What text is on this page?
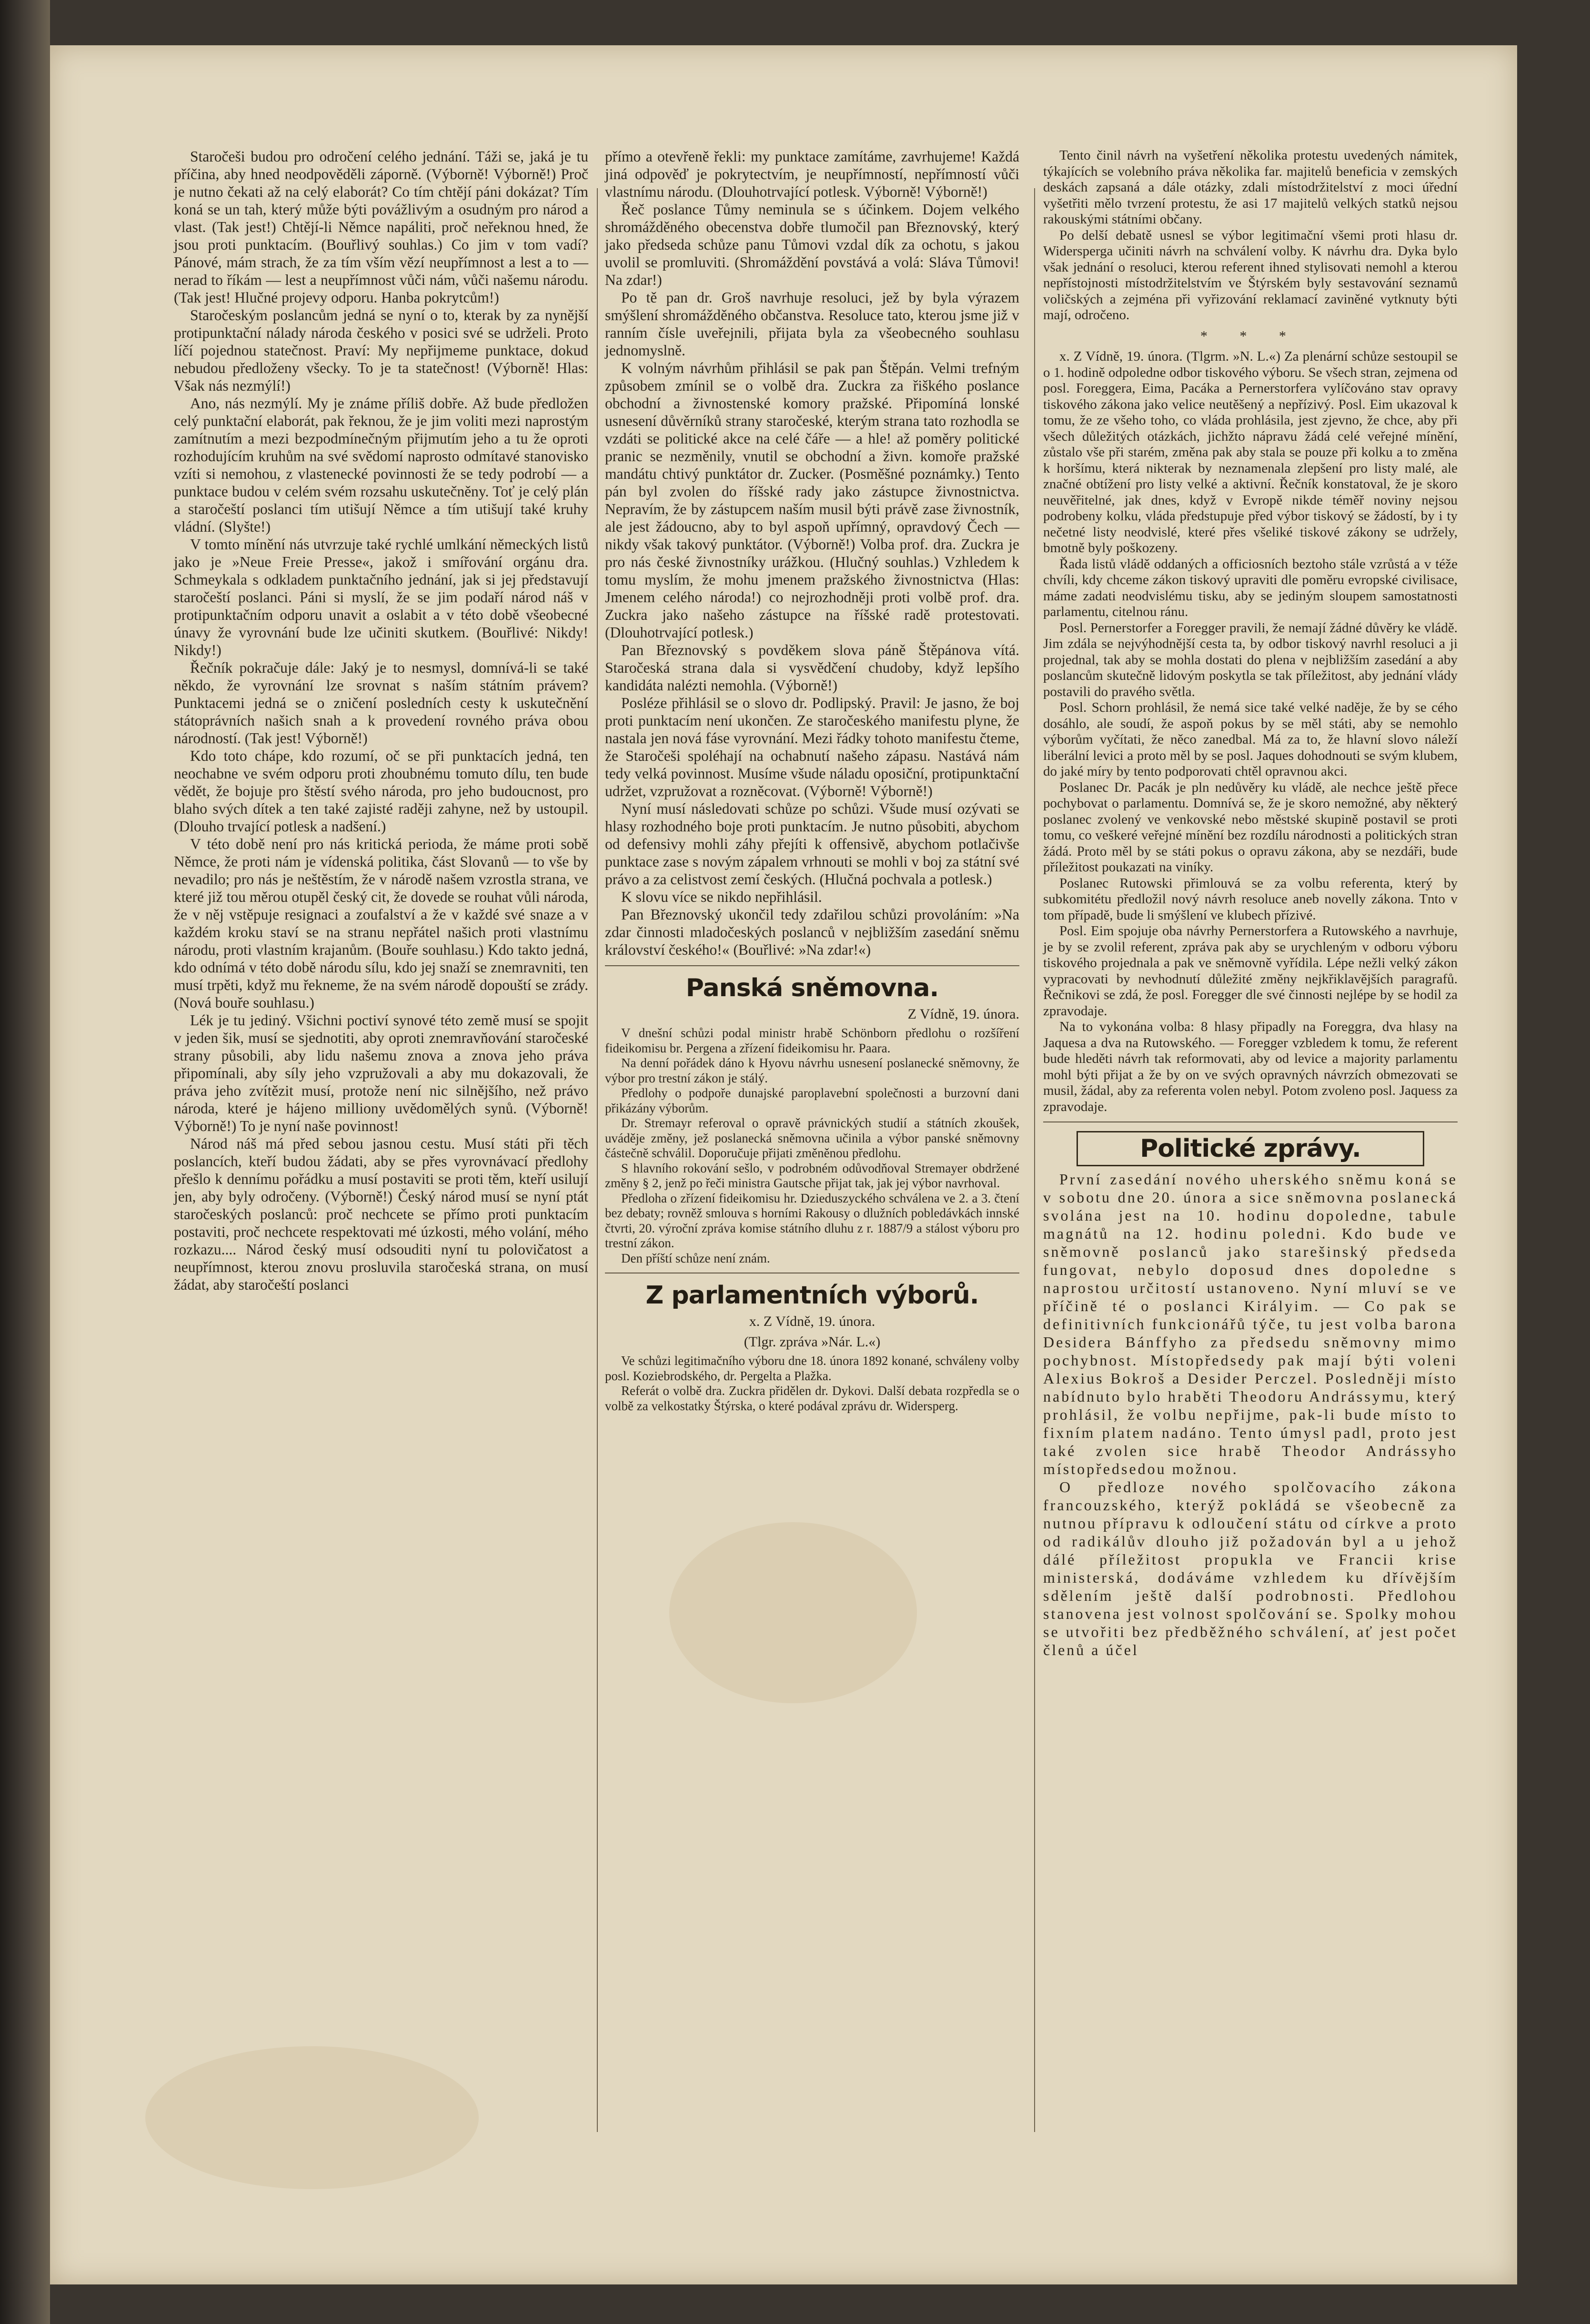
Staročeši budou pro odročení celého jednání. Táži se, jaká je tu příčina, aby hned neodpověděli záporně. (Výborně! Výborně!) Proč je nutno čekati až na celý elaborát? Co tím chtějí páni dokázat? Tím koná se un tah, který může býti povážlivým a osudným pro národ a vlast. (Tak jest!) Chtějí-li Němce napáliti, proč neřeknou hned, že jsou proti punktacím. (Bouřlivý souhlas.) Co jim v tom vadí? Pánové, mám strach, že za tím vším vězí neupřímnost a lest a to — nerad to říkám — lest a neupřímnost vůči nám, vůči našemu národu. (Tak jest! Hlučné projevy odporu. Hanba pokrytcům!)

Staročeským poslancům jedná se nyní o to, kterak by za nynější protipunktační nálady národa českého v posici své se udrželi. Proto líčí pojednou statečnost. Praví: My nepřijmeme punktace, dokud nebudou předloženy všecky. To je ta statečnost! (Výborně! Hlas: Však nás nezmýlí!)

Ano, nás nezmýlí. My je známe příliš dobře. Až bude předložen celý punktační elaborát, pak řeknou, že je jim voliti mezi naprostým zamítnutím a mezi bezpodmínečným přijmutím jeho a tu že oproti rozhodujícím kruhům na své svědomí naprosto odmítavé stanovisko vzíti si nemohou, z vlastenecké povinnosti že se tedy podrobí — a punktace budou v celém svém rozsahu uskutečněny. Toť je celý plán a staročeští poslanci tím utišují Němce a tím utišují také kruhy vládní. (Slyšte!)

V tomto mínění nás utvrzuje také rychlé umlkání německých listů jako je »Neue Freie Presse«, jakož i smířování orgánu dra. Schmeykala s odkladem punktačního jednání, jak si jej představují staročeští poslanci. Páni si myslí, že se jim podaří národ náš v protipunktačním odporu unavit a oslabit a v této době všeobecné únavy že vyrovnání bude lze učiniti skutkem. (Bouřlivé: Nikdy! Nikdy!)

Řečník pokračuje dále: Jaký je to nesmysl, domnívá-li se také někdo, že vyrovnání lze srovnat s naším státním právem? Punktacemi jedná se o zničení posledních cesty k uskutečnění státoprávních našich snah a k provedení rovného práva obou národností. (Tak jest! Výborně!)

Kdo toto chápe, kdo rozumí, oč se při punktacích jedná, ten neochabne ve svém odporu proti zhoubnému tomuto dílu, ten bude vědět, že bojuje pro štěstí svého národa, pro jeho budoucnost, pro blaho svých dítek a ten také zajisté raději zahyne, než by ustoupil. (Dlouho trvající potlesk a nadšení.)

V této době není pro nás kritická perioda, že máme proti sobě Němce, že proti nám je vídenská politika, část Slovanů — to vše by nevadilo; pro nás je neštěstím, že v národě našem vzrostla strana, ve které již tou měrou otupěl český cit, že dovede se rouhat vůli národa, že v něj vstěpuje resignaci a zoufalství a že v každé své snaze a v každém kroku staví se na stranu nepřátel našich proti vlastnímu národu, proti vlastním krajanům. (Bouře souhlasu.) Kdo takto jedná, kdo odnímá v této době národu sílu, kdo jej snaží se znemravniti, ten musí trpěti, když mu řekneme, že na svém národě dopouští se zrády. (Nová bouře souhlasu.)

Lék je tu jediný. Všichni poctiví synové této země musí se spojit v jeden šik, musí se sjednotiti, aby oproti znemravňování staročeské strany působili, aby lidu našemu znova a znova jeho práva připomínali, aby síly jeho vzpružovali a aby mu dokazovali, že práva jeho zvítězit musí, protože není nic silnějšího, než právo národa, které je hájeno milliony uvědomělých synů. (Výborně! Výborně!) To je nyní naše povinnost!

Národ náš má před sebou jasnou cestu. Musí státi při těch poslancích, kteří budou žádati, aby se přes vyrovnávací předlohy přešlo k dennímu pořádku a musí postaviti se proti těm, kteří usilují jen, aby byly odročeny. (Výborně!) Český národ musí se nyní ptát staročeských poslanců: proč nechcete se přímo proti punktacím postaviti, proč nechcete respektovati mé úzkosti, mého volání, mého rozkazu.... Národ český musí odsouditi nyní tu polovičatost a neupřímnost, kterou znovu prosluvila staročeská strana, on musí žádat, aby staročeští poslanci

přímo a otevřeně řekli: my punktace zamítáme, zavrhujeme! Každá jiná odpověď je pokrytectvím, je neupřímností, nepřímností vůči vlastnímu národu. (Dlouhotrvající potlesk. Výborně! Výborně!)

Řeč poslance Tůmy neminula se s účinkem. Dojem velkého shromážděného obecenstva dobře tlumočil pan Březnovský, který jako předseda schůze panu Tůmovi vzdal dík za ochotu, s jakou uvolil se promluviti. (Shromáždění povstává a volá: Sláva Tůmovi! Na zdar!)

Po tě pan dr. Groš navrhuje resoluci, jež by byla výrazem smýšlení shromážděného občanstva. Resoluce tato, kterou jsme již v ranním čísle uveřejnili, přijata byla za všeobecného souhlasu jednomyslně.

K volným návrhům přihlásil se pak pan Štěpán. Velmi trefným způsobem zmínil se o volbě dra. Zuckra za řiškého poslance obchodní a živnostenské komory pražské. Připomíná lonské usnesení důvěrníků strany staročeské, kterým strana tato rozhodla se vzdáti se politické akce na celé čáře — a hle! až poměry politické pranic se nezměnily, vnutil se obchodní a živn. komoře pražské mandátu chtivý punktátor dr. Zucker. (Posměšné poznámky.) Tento pán byl zvolen do říšské rady jako zástupce živnostnictva. Nepravím, že by zástupcem naším musil býti právě zase živnostník, ale jest žádoucno, aby to byl aspoň upřímný, opravdový Čech — nikdy však takový punktátor. (Výborně!) Volba prof. dra. Zuckra je pro nás české živnostníky urážkou. (Hlučný souhlas.) Vzhledem k tomu myslím, že mohu jmenem pražského živnostnictva (Hlas: Jmenem celého národa!) co nejrozhodněji proti volbě prof. dra. Zuckra jako našeho zástupce na říšské radě protestovati. (Dlouhotrvající potlesk.)

Pan Březnovský s povděkem slova páně Štěpánova vítá. Staročeská strana dala si vysvědčení chudoby, když lepšího kandidáta nalézti nemohla. (Výborně!)

Posléze přihlásil se o slovo dr. Podlipský. Pravil: Je jasno, že boj proti punktacím není ukončen. Ze staročeského manifestu plyne, že nastala jen nová fáse vyrovnání. Mezi řádky tohoto manifestu čteme, že Staročeši spoléhají na ochabnutí našeho zápasu. Nastává nám tedy velká povinnost. Musíme všude náladu oposiční, protipunktační udržet, vzpružovat a rozněcovat. (Výborně! Výborně!)

Nyní musí následovati schůze po schůzi. Všude musí ozývati se hlasy rozhodného boje proti punktacím. Je nutno působiti, abychom od defensivy mohli záhy přejíti k offensivě, abychom potlačivše punktace zase s novým zápalem vrhnouti se mohli v boj za státní své právo a za celistvost zemí českých. (Hlučná pochvala a potlesk.)

K slovu více se nikdo nepřihlásil.

Pan Březnovský ukončil tedy zdařilou schůzi provoláním: »Na zdar činnosti mladočeských poslanců v nejbližším zasedání sněmu království českého!« (Bouřlivé: »Na zdar!«)

Panská sněmovna.
Z Vídně, 19. února.

V dnešní schůzi podal ministr hrabě Schönborn předlohu o rozšíření fideikomisu br. Pergena a zřízení fideikomisu hr. Paara.

Na denní pořádek dáno k Hyovu návrhu usnesení poslanecké sněmovny, že výbor pro trestní zákon je stálý.

Předlohy o podpoře dunajské paroplavební společnosti a burzovní dani přikázány výborům.

Dr. Stremayr referoval o opravě právnických studií a státních zkoušek, uváděje změny, jež poslanecká sněmovna učinila a výbor panské sněmovny částečně schválil. Doporučuje přijati změněnou předlohu.

S hlavního rokování sešlo, v podrobném odůvodňoval Stremayer obdržené změny § 2, jenž po řeči ministra Gautsche přijat tak, jak jej výbor navrhoval.

Předloha o zřízení fideikomisu hr. Dzieduszyckého schválena ve 2. a 3. čtení bez debaty; rovněž smlouva s horními Rakousy o dlužních pobledávkách innské čtvrti, 20. výroční zpráva komise státního dluhu z r. 1887/9 a stálost výboru pro trestní zákon.

Den příští schůze není znám.

Z parlamentních výborů.
x. Z Vídně, 19. února.
(Tlgr. zpráva »Nár. L.«)

Ve schůzi legitimačního výboru dne 18. února 1892 konané, schváleny volby posl. Koziebrodského, dr. Pergelta a Plažka.

Referát o volbě dra. Zuckra přidělen dr. Dykovi. Další debata rozpředla se o volbě za velkostatky Štýrska, o které podával zprávu dr. Widersperg.

Tento činil návrh na vyšetření několika protestu uvedených námitek, týkajících se volebního práva několika far. majitelů beneficia v zemských deskách zapsaná a dále otázky, zdali místodržitelství z moci úřední vyšetřiti mělo tvrzení protestu, že asi 17 majitelů velkých statků nejsou rakouskými státními občany.

Po delší debatě usnesl se výbor legitimační všemi proti hlasu dr. Widersperga učiniti návrh na schválení volby. K návrhu dra. Dyka bylo však jednání o resoluci, kterou referent ihned stylisovati nemohl a kterou nepřístojnosti místodržitelstvím ve Štýrském byly sestavování seznamů voličských a zejména při vyřizování reklamací zaviněné vytknuty býti mají, odročeno.

* * *

x. Z Vídně, 19. února. (Tlgrm. »N. L.«) Za plenární schůze sestoupil se o 1. hodině odpoledne odbor tiskového výboru. Se všech stran, zejmena od posl. Foreggera, Eima, Pacáka a Pernerstorfera vylíčováno stav opravy tiskového zákona jako velice neutěšený a nepřízivý. Posl. Eim ukazoval k tomu, že ze všeho toho, co vláda prohlásila, jest zjevno, že chce, aby při všech důležitých otázkách, jichžto nápravu žádá celé veřejné mínění, zůstalo vše při starém, změna pak aby stala se pouze při kolku a to změna k horšímu, která nikterak by neznamenala zlepšení pro listy malé, ale značné obtížení pro listy velké a aktivní. Řečník konstatoval, že je skoro neuvěřitelné, jak dnes, když v Evropě nikde téměř noviny nejsou podrobeny kolku, vláda předstupuje před výbor tiskový se žádostí, by i ty nečetné listy neodvislé, které přes všeliké tiskové zákony se udržely, bmotně byly poškozeny.

Řada listů vládě oddaných a officiosních beztoho stále vzrůstá a v téže chvíli, kdy chceme zákon tiskový upraviti dle poměru evropské civilisace, máme zadati neodvislému tisku, aby se jediným sloupem samostatnosti parlamentu, citelnou ránu.

Posl. Pernerstorfer a Foregger pravili, že nemají žádné důvěry ke vládě. Jim zdála se nejvýhodnější cesta ta, by odbor tiskový navrhl resoluci a ji projednal, tak aby se mohla dostati do plena v nejbližším zasedání a aby poslancům skutečně lidovým poskytla se tak příležitost, aby jednání vlády postavili do pravého světla.

Posl. Schorn prohlásil, že nemá sice také velké naděje, že by se cého dosáhlo, ale soudí, že aspoň pokus by se měl státi, aby se nemohlo výborům vyčítati, že něco zanedbal. Má za to, že hlavní slovo náleží liberální levici a proto měl by se posl. Jaques dohodnouti se svým klubem, do jaké míry by tento podporovati chtěl opravnou akci.

Poslanec Dr. Pacák je pln nedůvěry ku vládě, ale nechce ještě přece pochybovat o parlamentu. Domnívá se, že je skoro nemožné, aby některý poslanec zvolený ve venkovské nebo městské skupině postavil se proti tomu, co veškeré veřejné mínění bez rozdílu národnosti a politických stran žádá. Proto měl by se státi pokus o opravu zákona, aby se nezdáři, bude příležitost poukazati na viníky.

Poslanec Rutowski přimlouvá se za volbu referenta, který by subkomitétu předložil nový návrh resoluce aneb novelly zákona. Tnto v tom případě, bude li smýšlení ve klubech přízivé.

Posl. Eim spojuje oba návrhy Pernerstorfera a Rutowského a navrhuje, je by se zvolil referent, zpráva pak aby se urychleným v odboru výboru tiskového projednala a pak ve sněmovně vyřídila. Lépe nežli velký zákon vypracovati by nevhodnutí důležité změny nejkřiklavějších paragrafů. Řečnikovi se zdá, že posl. Foregger dle své činnosti nejlépe by se hodil za zpravodaje.

Na to vykonána volba: 8 hlasy připadly na Foreggra, dva hlasy na Jaquesa a dva na Rutowského. — Foregger vzbledem k tomu, že referent bude hleděti návrh tak reformovati, aby od levice a majority parlamentu mohl býti přijat a že by on ve svých opravných návrzích obmezovati se musil, žádal, aby za referenta volen nebyl. Potom zvoleno posl. Jaquess za zpravodaje.

Politické zprávy.

První zasedání nového uherského sněmu koná se v sobotu dne 20. února a sice sněmovna poslanecká svolána jest na 10. hodinu dopoledne, tabule magnátů na 12. hodinu poledni. Kdo bude ve sněmovně poslanců jako starešinský předseda fungovat, nebylo doposud dnes dopoledne s naprostou určitostí ustanoveno. Nyní mluví se ve příčině té o poslanci Királyim. — Co pak se definitivních funkcionářů týče, tu jest volba barona Desidera Bánffyho za předsedu sněmovny mimo pochybnost. Místopředsedy pak mají býti voleni Alexius Bokroš a Desider Perczel. Posledněji místo nabídnuto bylo hraběti Theodoru Andrássymu, který prohlásil, že volbu nepřijme, pak-li bude místo to fixním platem nadáno. Tento úmysl padl, proto jest také zvolen sice hrabě Theodor Andrássyho místopředsedou možnou.

O předloze nového spolčovacího zákona francouzského, kterýž pokládá se všeobecně za nutnou přípravu k odloučení státu od církve a proto od radikálův dlouho již požadován byl a u jehož dálé příležitost propukla ve Francii krise ministerská, dodáváme vzhledem ku dřívějším sdělením ještě další podrobnosti. Předlohou stanovena jest volnost spolčování se. Spolky mohou se utvořiti bez předběžného schválení, ať jest počet členů a účel
